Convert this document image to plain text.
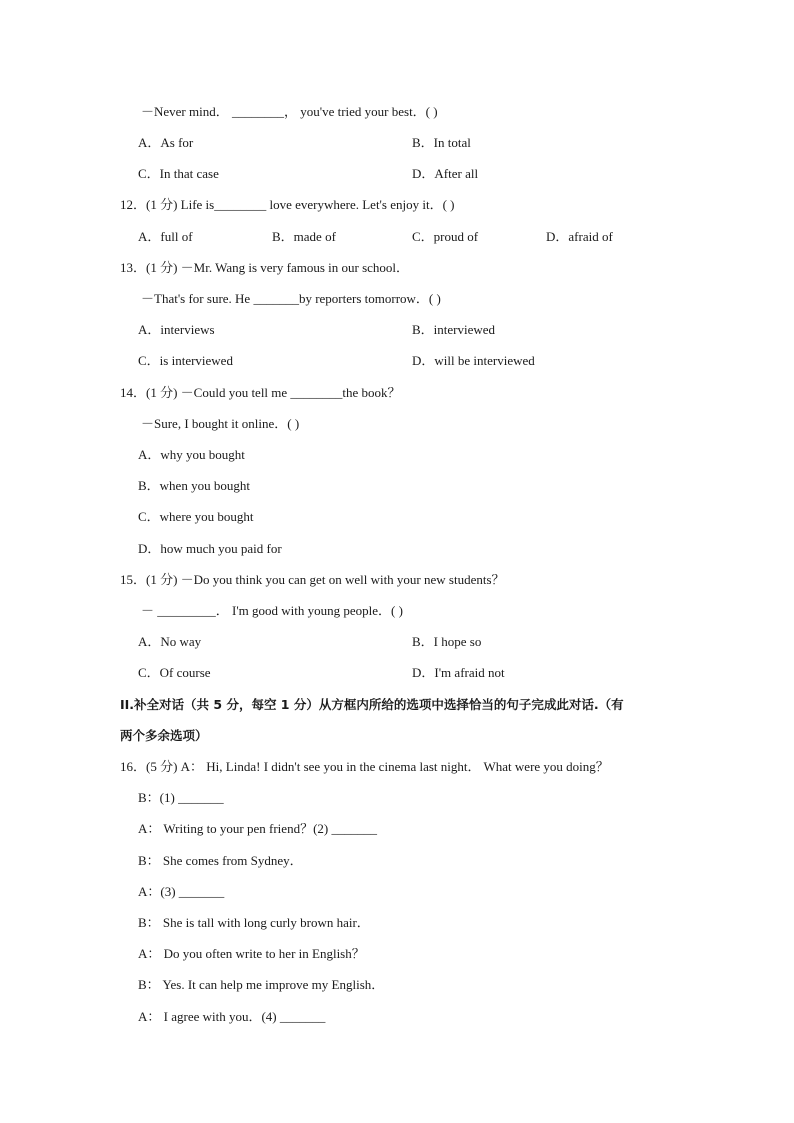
－Never mind． ________， you've tried your best．( )
A．As for	B．In total
C．In that case	D．After all
12．(1 分) Life is________ love everywhere. Let's enjoy it．( )
A．full of	B．made of	C．proud of	D．afraid of
13．(1 分) －Mr. Wang is very famous in our school．
－That's for sure. He _______by reporters tomorrow．( )
A．interviews	B．interviewed
C．is interviewed	D．will be interviewed
14．(1 分) －Could you tell me ________the book？
－Sure, I bought it online．( )
A．why you bought
B．when you bought
C．where you bought
D．how much you paid for
15．(1 分) －Do you think you can get on well with your new students？
－ _________． I'm good with young people．( )
A．No way	B．I hope so
C．Of course	D．I'm afraid not
II.补全对话（共 5 分，每空 1 分）从方框内所给的选项中选择恰当的句子完成此对话.（有
两个多余选项）
16．(5 分) A： Hi, Linda! I didn't see you in the cinema last night． What were you doing？
B：(1) _______
A： Writing to your pen friend？(2) _______
B： She comes from Sydney．
A：(3) _______
B： She is tall with long curly brown hair．
A： Do you often write to her in English？
B： Yes. It can help me improve my English．
A： I agree with you．(4) _______
